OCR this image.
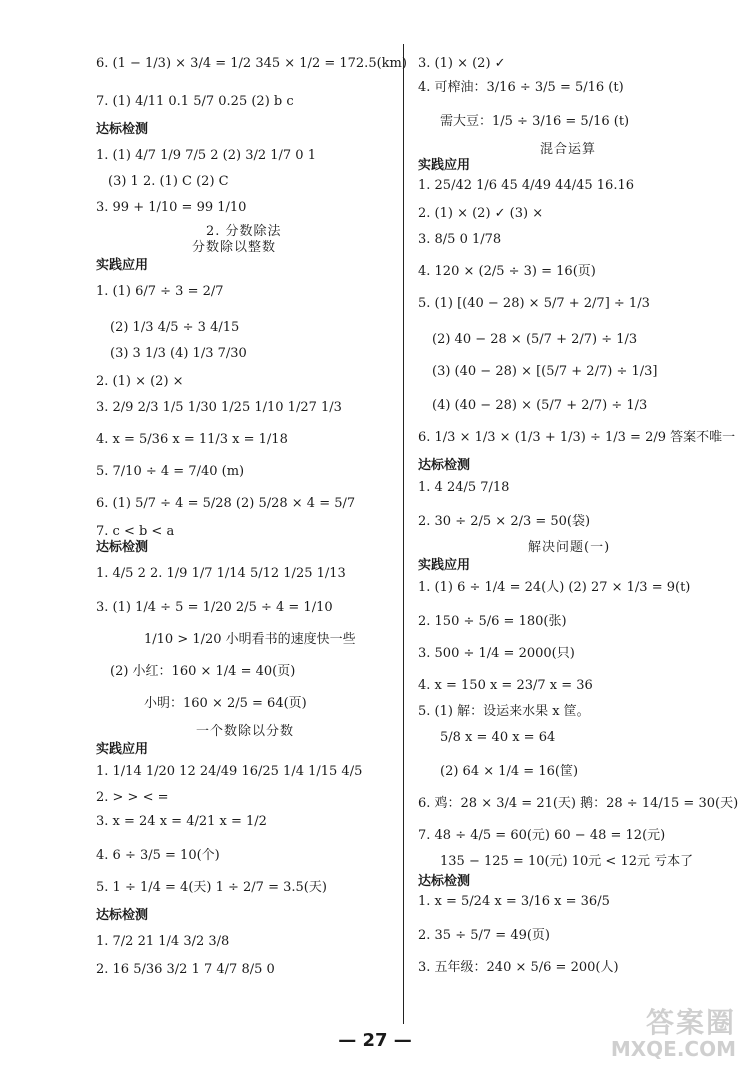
6. (1 − 1/3) × 3/4 = 1/2 345 × 1/2 = 172.5(km)
7. (1) 4/11 0.1 5/7 0.25 (2) b c
达标检测
1. (1) 4/7 1/9 7/5 2 (2) 3/2 1/7 0 1
(3) 1 2. (1) C (2) C
3. 99 + 1/10 = 99 1/10
2. 分数除法
分数除以整数
实践应用
1. (1) 6/7 ÷ 3 = 2/7
(2) 1/3 4/5 ÷ 3 4/15
(3) 3 1/3 (4) 1/3 7/30
2. (1) × (2) ×
3. 2/9 2/3 1/5 1/30 1/25 1/10 1/27 1/3
4. x = 5/36 x = 11/3 x = 1/18
5. 7/10 ÷ 4 = 7/40 (m)
6. (1) 5/7 ÷ 4 = 5/28 (2) 5/28 × 4 = 5/7
7. c < b < a
达标检测
1. 4/5 2 2. 1/9 1/7 1/14 5/12 1/25 1/13
3. (1) 1/4 ÷ 5 = 1/20 2/5 ÷ 4 = 1/10
1/10 > 1/20 小明看书的速度快一些
(2) 小红：160 × 1/4 = 40(页)
小明：160 × 2/5 = 64(页)
一个数除以分数
实践应用
1. 1/14 1/20 12 24/49 16/25 1/4 1/15 4/5
2. > > < =
3. x = 24 x = 4/21 x = 1/2
4. 6 ÷ 3/5 = 10(个)
5. 1 ÷ 1/4 = 4(天) 1 ÷ 2/7 = 3.5(天)
达标检测
1. 7/2 21 1/4 3/2 3/8
2. 16 5/36 3/2 1 7 4/7 8/5 0
3. (1) × (2) ✓
4. 可榨油：3/16 ÷ 3/5 = 5/16 (t)
需大豆：1/5 ÷ 3/16 = 5/16 (t)
混合运算
实践应用
1. 25/42 1/6 45 4/49 44/45 16.16
2. (1) × (2) ✓ (3) ×
3. 8/5 0 1/78
4. 120 × (2/5 ÷ 3) = 16(页)
5. (1) [(40 − 28) × 5/7 + 2/7] ÷ 1/3
(2) 40 − 28 × (5/7 + 2/7) ÷ 1/3
(3) (40 − 28) × [(5/7 + 2/7) ÷ 1/3]
(4) (40 − 28) × (5/7 + 2/7) ÷ 1/3
6. 1/3 × 1/3 × (1/3 + 1/3) ÷ 1/3 = 2/9 答案不唯一
达标检测
1. 4 24/5 7/18
2. 30 ÷ 2/5 × 2/3 = 50(袋)
解决问题(一)
实践应用
1. (1) 6 ÷ 1/4 = 24(人) (2) 27 × 1/3 = 9(t)
2. 150 ÷ 5/6 = 180(张)
3. 500 ÷ 1/4 = 2000(只)
4. x = 150 x = 23/7 x = 36
5. (1) 解：设运来水果 x 筐。
5/8 x = 40 x = 64
(2) 64 × 1/4 = 16(筐)
6. 鸡：28 × 3/4 = 21(天) 鹅：28 ÷ 14/15 = 30(天)
7. 48 ÷ 4/5 = 60(元) 60 − 48 = 12(元)
135 − 125 = 10(元) 10元 < 12元 亏本了
达标检测
1. x = 5/24 x = 3/16 x = 36/5
2. 35 ÷ 5/7 = 49(页)
3. 五年级：240 × 5/6 = 200(人)
— 27 —
答案圈
MXQE.COM
